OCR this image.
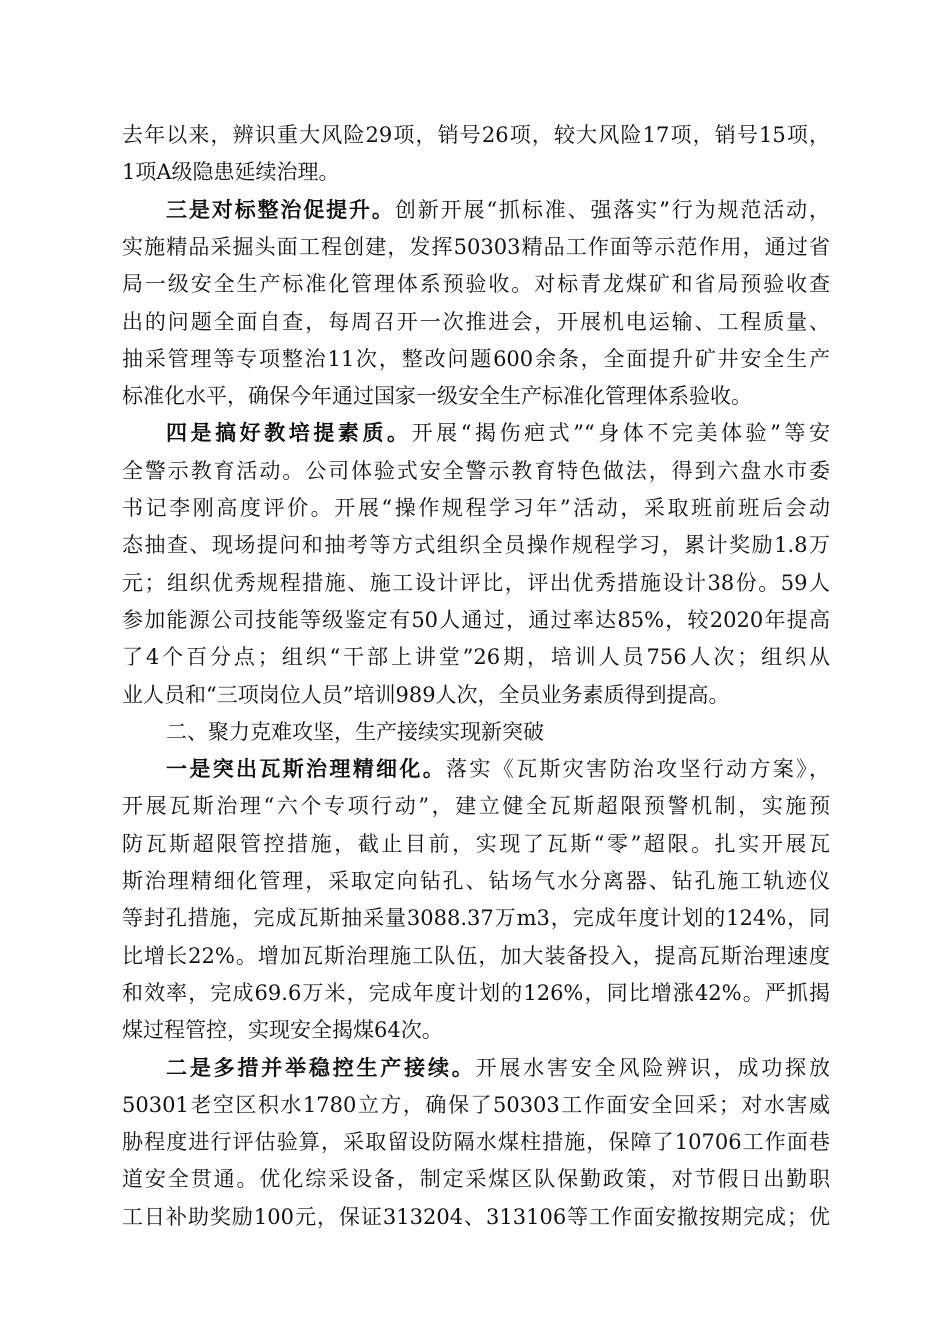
去年以来，辨识重大风险29项，销号26项，较大风险17项，销号15项，
1项A级隐患延续治理。
三是对标整治促提升。创新开展“抓标准、强落实”行为规范活动，
实施精品采掘头面工程创建，发挥50303精品工作面等示范作用，通过省
局一级安全生产标准化管理体系预验收。对标青龙煤矿和省局预验收查
出的问题全面自查，每周召开一次推进会，开展机电运输、工程质量、
抽采管理等专项整治11次，整改问题600余条，全面提升矿井安全生产
标准化水平，确保今年通过国家一级安全生产标准化管理体系验收。
四是搞好教培提素质。开展“揭伤疤式”“身体不完美体验”等安
全警示教育活动。公司体验式安全警示教育特色做法，得到六盘水市委
书记李刚高度评价。开展“操作规程学习年”活动，采取班前班后会动
态抽查、现场提问和抽考等方式组织全员操作规程学习，累计奖励1.8万
元；组织优秀规程措施、施工设计评比，评出优秀措施设计38份。59人
参加能源公司技能等级鉴定有50人通过，通过率达85%，较2020年提高
了4个百分点；组织“干部上讲堂”26期，培训人员756人次；组织从
业人员和“三项岗位人员”培训989人次，全员业务素质得到提高。
二、聚力克难攻坚，生产接续实现新突破
一是突出瓦斯治理精细化。落实《瓦斯灾害防治攻坚行动方案》，
开展瓦斯治理“六个专项行动”，建立健全瓦斯超限预警机制，实施预
防瓦斯超限管控措施，截止目前，实现了瓦斯“零”超限。扎实开展瓦
斯治理精细化管理，采取定向钻孔、钻场气水分离器、钻孔施工轨迹仪
等封孔措施，完成瓦斯抽采量3088.37万m3，完成年度计划的124%，同
比增长22%。增加瓦斯治理施工队伍，加大装备投入，提高瓦斯治理速度
和效率，完成69.6万米，完成年度计划的126%，同比增涨42%。严抓揭
煤过程管控，实现安全揭煤64次。
二是多措并举稳控生产接续。开展水害安全风险辨识，成功探放
50301老空区积水1780立方，确保了50303工作面安全回采；对水害威
胁程度进行评估验算，采取留设防隔水煤柱措施，保障了10706工作面巷
道安全贯通。优化综采设备，制定采煤区队保勤政策，对节假日出勤职
工日补助奖励100元，保证313204、313106等工作面安撤按期完成；优
